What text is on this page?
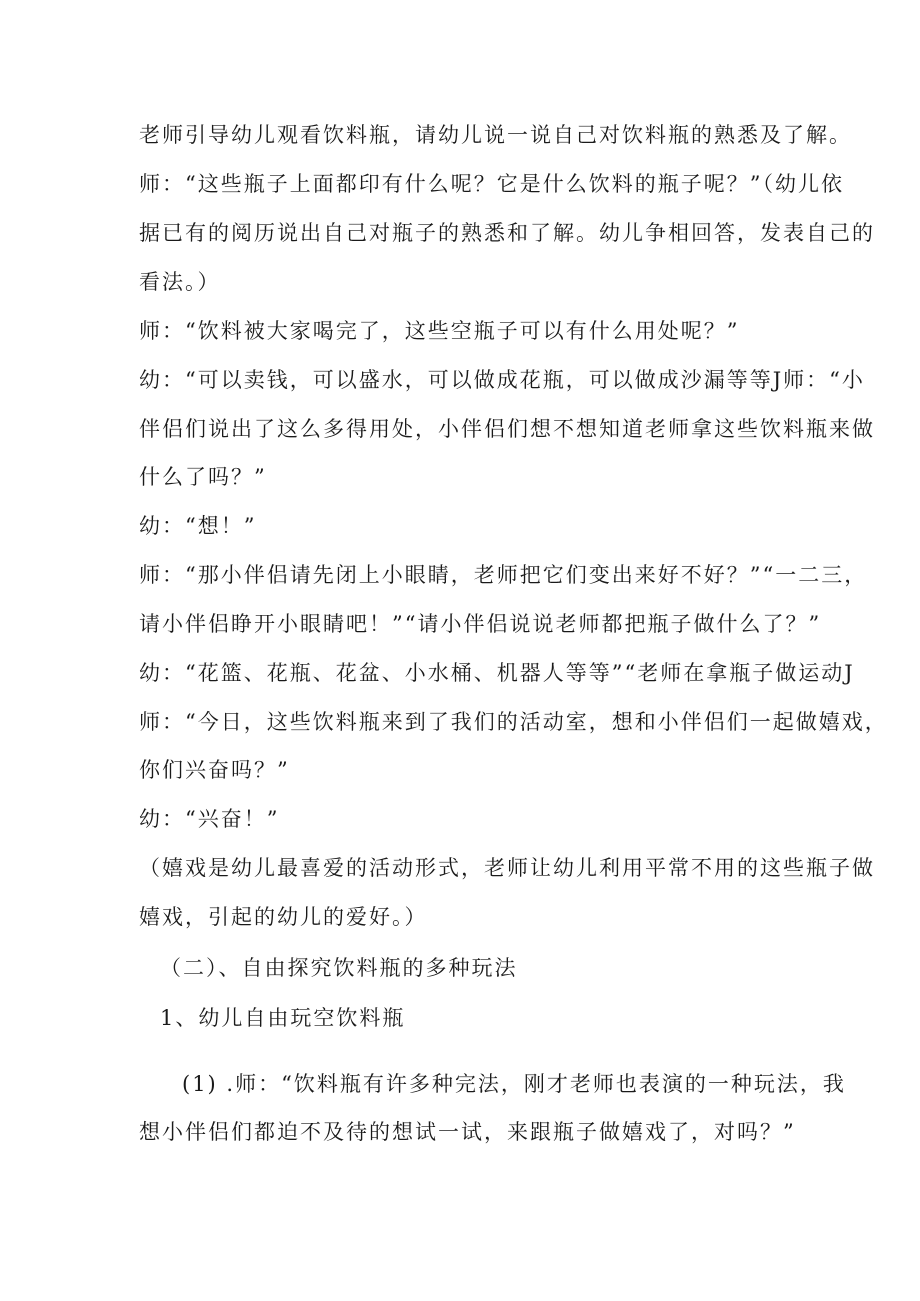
老师引导幼儿观看饮料瓶，请幼儿说一说自己对饮料瓶的熟悉及了解。
师：“这些瓶子上面都印有什么呢？它是什么饮料的瓶子呢？”（幼儿依
据已有的阅历说出自己对瓶子的熟悉和了解。幼儿争相回答，发表自己的
看法。）
师：“饮料被大家喝完了，这些空瓶子可以有什么用处呢？”
幼：“可以卖钱，可以盛水，可以做成花瓶，可以做成沙漏等等J师：“小
伴侣们说出了这么多得用处，小伴侣们想不想知道老师拿这些饮料瓶来做
什么了吗？”
幼：“想！”
师：“那小伴侣请先闭上小眼睛，老师把它们变出来好不好？”“一二三，
请小伴侣睁开小眼睛吧！”“请小伴侣说说老师都把瓶子做什么了？”
幼：“花篮、花瓶、花盆、小水桶、机器人等等”“老师在拿瓶子做运动J
师：“今日，这些饮料瓶来到了我们的活动室，想和小伴侣们一起做嬉戏，
你们兴奋吗？”
幼：“兴奋！”
（嬉戏是幼儿最喜爱的活动形式，老师让幼儿利用平常不用的这些瓶子做
嬉戏，引起的幼儿的爱好。）
（二）、自由探究饮料瓶的多种玩法
1、幼儿自由玩空饮料瓶
(1) .师：“饮料瓶有许多种完法，刚才老师也表演的一种玩法，我
想小伴侣们都迫不及待的想试一试，来跟瓶子做嬉戏了，对吗？”
